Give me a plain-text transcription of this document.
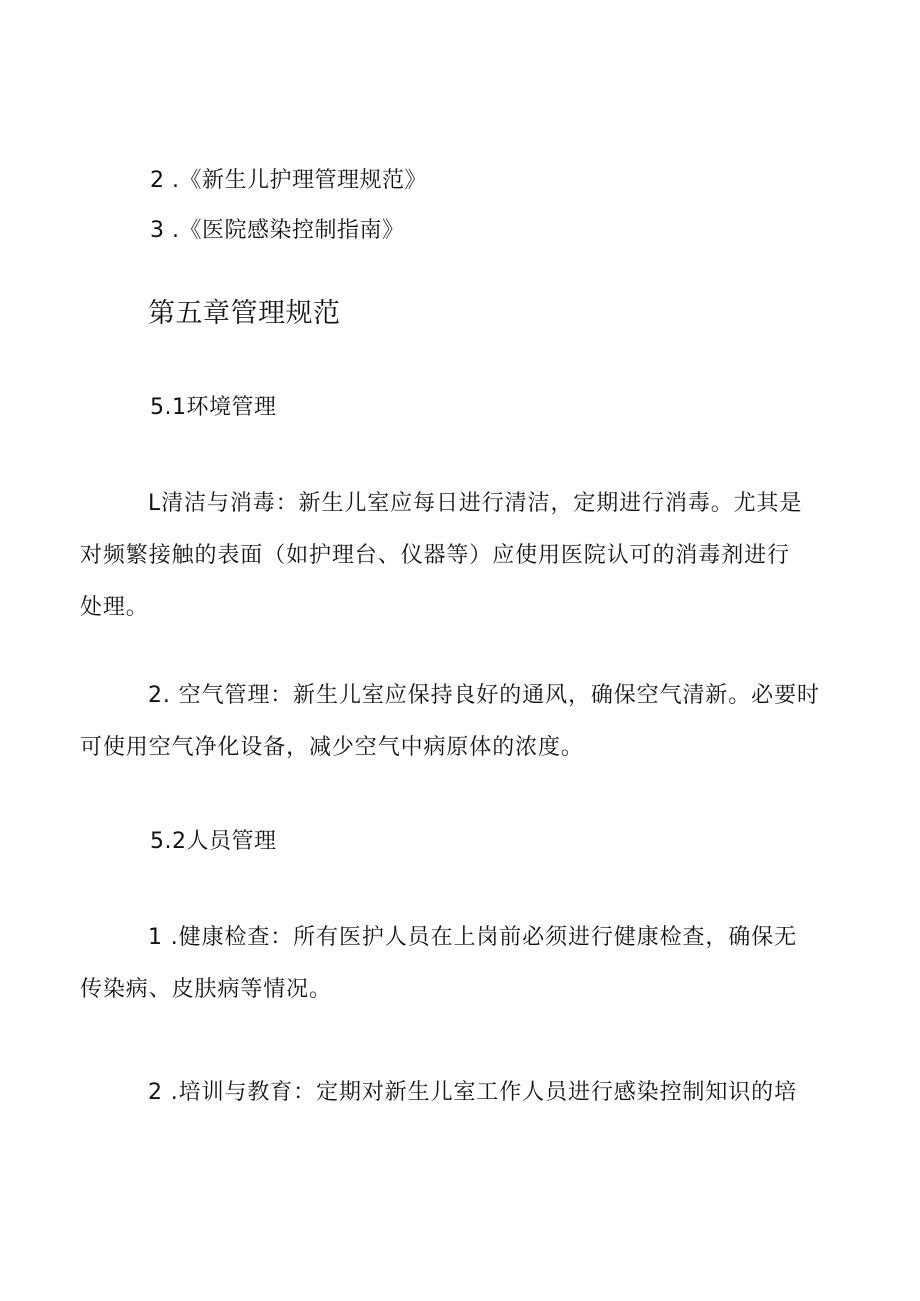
2 .《新生儿护理管理规范》
3 .《医院感染控制指南》
第五章管理规范
5.1环境管理
L清洁与消毒：新生儿室应每日进行清洁，定期进行消毒。尤其是
对频繁接触的表面（如护理台、仪器等）应使用医院认可的消毒剂进行
处理。
2. 空气管理：新生儿室应保持良好的通风，确保空气清新。必要时
可使用空气净化设备，减少空气中病原体的浓度。
5.2人员管理
1 .健康检查：所有医护人员在上岗前必须进行健康检查，确保无
传染病、皮肤病等情况。
2 .培训与教育：定期对新生儿室工作人员进行感染控制知识的培
